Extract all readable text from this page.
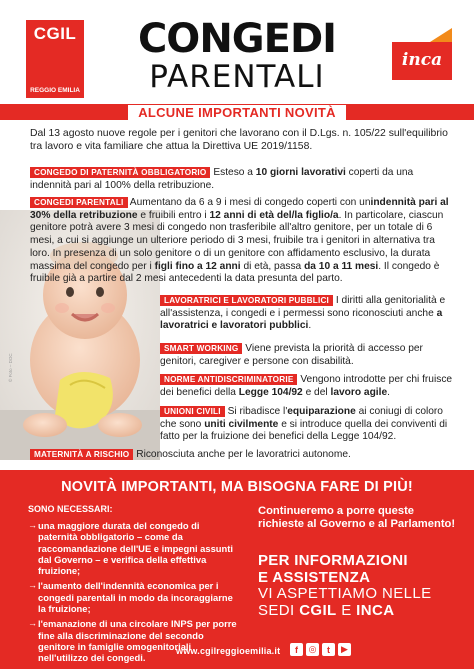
CGIL
REGGIO EMILIA
CONGEDI
PARENTALI	inca
ALCUNE IMPORTANTI NOVITÀ
Dal 13 agosto nuove regole per i genitori che lavorano con il D.Lgs. n. 105/22 sull'equilibrio tra lavoro e vita familiare che attua la Direttiva UE 2019/1158.
© Foto – DOC
CONGEDO DI PATERNITÀ OBBLIGATORIO Esteso a 10 giorni lavorativi coperti da una indennità pari al 100% della retribuzione.
CONGEDI PARENTALI Aumentano da 6 a 9 i mesi di congedo coperti con unindennità pari al 30% della retribuzione e fruibili entro i 12 anni di età del/la figlio/a. In particolare, ciascun genitore potrà avere 3 mesi di congedo non trasferibile all'altro genitore, per un totale di 6 mesi, a cui si aggiunge un ulteriore periodo di 3 mesi, fruibile tra i genitori in alternativa tra loro. In presenza di un solo genitore o di un genitore con affidamento esclusivo, la durata massima del congedo per i figli fino a 12 anni di età, passa da 10 a 11 mesi. Il congedo è fruibile già a partire dal 2 mesi antecedenti la data presunta del parto.
LAVORATRICI E LAVORATORI PUBBLICI I diritti alla genitorialità e all'assistenza, i congedi e i permessi sono riconosciuti anche a lavoratrici e lavoratori pubblici.
SMART WORKING Viene prevista la priorità di accesso per genitori, caregiver e persone con disabilità.
NORME ANTIDISCRIMINATORIE Vengono introdotte per chi fruisce dei benefici della Legge 104/92 e del lavoro agile.
UNIONI CIVILI Si ribadisce l'equiparazione ai coniugi di coloro che sono uniti civilmente e si introduce quella dei conviventi di fatto per la fruizione dei benefici della Legge 104/92.
MATERNITÀ A RISCHIO Riconosciuta anche per le lavoratrici autonome.
NOVITÀ IMPORTANTI, MA BISOGNA FARE DI PIÙ!
SONO NECESSARI:
→ una maggiore durata del congedo di paternità obbligatorio – come da raccomandazione dell'UE e impegni assunti dal Governo – e verifica della effettiva fruizione;
→ l'aumento dell'indennità economica per i congedi parentali in modo da incoraggiarne la fruizione;
→ l'emanazione di una circolare INPS per porre fine alla discriminazione del secondo genitore in famiglie omogenitoriali nell'utilizzo dei congedi.
Continueremo a porre queste richieste al Governo e al Parlamento!
PER INFORMAZIONI
E ASSISTENZA
VI ASPETTIAMO NELLE
SEDI CGIL E INCA
www.cgilreggioemilia.it	f	◎	t	▶
